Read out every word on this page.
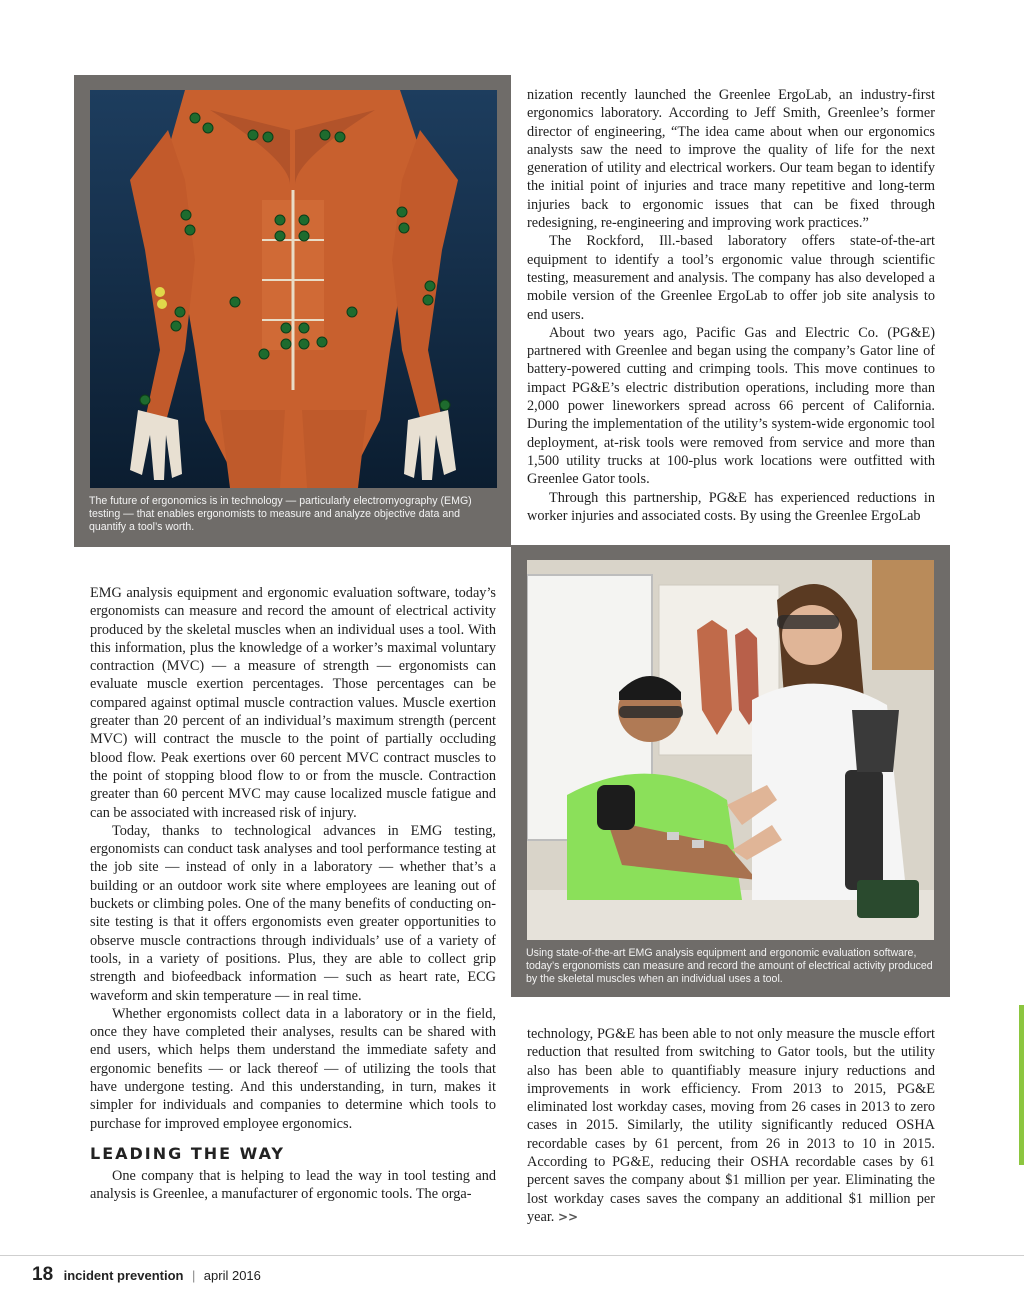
The future of ergonomics is in technology — particularly electromyography (EMG) testing — that enables ergonomists to measure and analyze objective data and quantify a tool’s worth.

nization recently launched the Greenlee ErgoLab, an industry-first ergonomics laboratory. According to Jeff Smith, Greenlee’s former director of engineering, “The idea came about when our ergonomics analysts saw the need to improve the quality of life for the next generation of utility and electrical workers. Our team began to identify the initial point of injuries and trace many repetitive and long-term injuries back to ergonomic issues that can be fixed through redesigning, re-engineering and improving work practices.”

The Rockford, Ill.-based laboratory offers state-of-the-art equipment to identify a tool’s ergonomic value through scientific testing, measurement and analysis. The company has also developed a mobile version of the Greenlee ErgoLab to offer job site analysis to end users.

About two years ago, Pacific Gas and Electric Co. (PG&E) partnered with Greenlee and began using the company’s Gator line of battery-powered cutting and crimping tools. This move continues to impact PG&E’s electric distribution operations, including more than 2,000 power lineworkers spread across 66 percent of California. During the implementation of the utility’s system-wide ergonomic tool deployment, at-risk tools were removed from service and more than 1,500 utility trucks at 100-plus work locations were outfitted with Greenlee Gator tools.

Through this partnership, PG&E has experienced reductions in worker injuries and associated costs. By using the Greenlee ErgoLab

Using state-of-the-art EMG analysis equipment and ergonomic evaluation software, today’s ergonomists can measure and record the amount of electrical activity produced by the skeletal muscles when an individual uses a tool.

EMG analysis equipment and ergonomic evaluation software, today’s ergonomists can measure and record the amount of electrical activity produced by the skeletal muscles when an individual uses a tool. With this information, plus the knowledge of a worker’s maximal voluntary contraction (MVC) — a measure of strength — ergonomists can evaluate muscle exertion percentages. Those percentages can be compared against optimal muscle contraction values. Muscle exertion greater than 20 percent of an individual’s maximum strength (percent MVC) will contract the muscle to the point of partially occluding blood flow. Peak exertions over 60 percent MVC contract muscles to the point of stopping blood flow to or from the muscle. Contraction greater than 60 percent MVC may cause localized muscle fatigue and can be associated with increased risk of injury.

Today, thanks to technological advances in EMG testing, ergonomists can conduct task analyses and tool performance testing at the job site — instead of only in a laboratory — whether that’s a building or an outdoor work site where employees are leaning out of buckets or climbing poles. One of the many benefits of conducting on-site testing is that it offers ergonomists even greater opportunities to observe muscle contractions through individuals’ use of a variety of tools, in a variety of positions. Plus, they are able to collect grip strength and biofeedback information — such as heart rate, ECG waveform and skin temperature — in real time.

Whether ergonomists collect data in a laboratory or in the field, once they have completed their analyses, results can be shared with end users, which helps them understand the immediate safety and ergonomic benefits — or lack thereof — of utilizing the tools that have undergone testing. And this understanding, in turn, makes it simpler for individuals and companies to determine which tools to purchase for improved employee ergonomics.

LEADING THE WAY

One company that is helping to lead the way in tool testing and analysis is Greenlee, a manufacturer of ergonomic tools. The orga-

technology, PG&E has been able to not only measure the muscle effort reduction that resulted from switching to Gator tools, but the utility also has been able to quantifiably measure injury reductions and improvements in work efficiency. From 2013 to 2015, PG&E eliminated lost workday cases, moving from 26 cases in 2013 to zero cases in 2015. Similarly, the utility significantly reduced OSHA recordable cases by 61 percent, from 26 in 2013 to 10 in 2015. According to PG&E, reducing their OSHA recordable cases by 61 percent saves the company about $1 million per year. Eliminating the lost workday cases saves the company an additional $1 million per year. >>

18 incident prevention | april 2016
